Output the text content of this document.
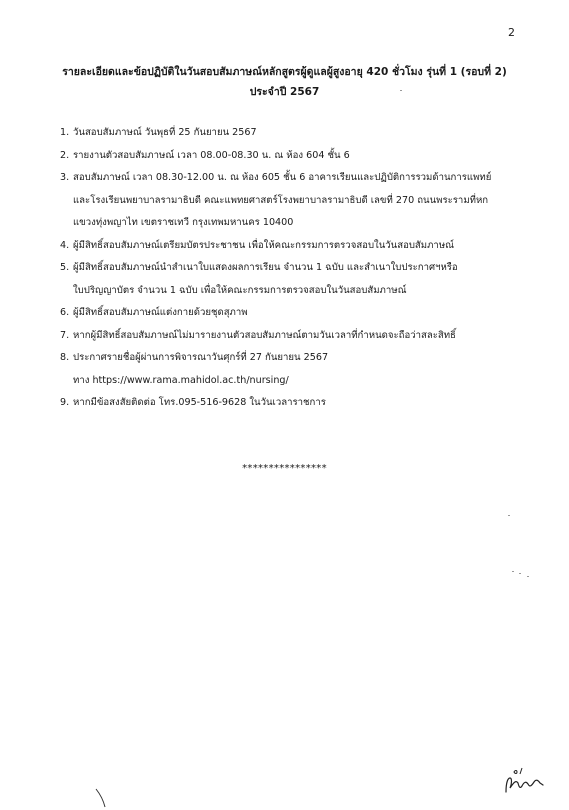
2
รายละเอียดและข้อปฏิบัติในวันสอบสัมภาษณ์หลักสูตรผู้ดูแลผู้สูงอายุ 420 ชั่วโมง รุ่นที่ 1 (รอบที่ 2)
ประจำปี 2567
1. วันสอบสัมภาษณ์ วันพุธที่ 25 กันยายน 2567
2. รายงานตัวสอบสัมภาษณ์ เวลา 08.00-08.30 น. ณ ห้อง 604 ชั้น 6
3. สอบสัมภาษณ์ เวลา 08.30-12.00 น. ณ ห้อง 605 ชั้น 6 อาคารเรียนและปฏิบัติการรวมด้านการแพทย์
และโรงเรียนพยาบาลรามาธิบดี คณะแพทยศาสตร์โรงพยาบาลรามาธิบดี เลขที่ 270 ถนนพระรามที่หก
แขวงทุ่งพญาไท เขตราชเทวี กรุงเทพมหานคร 10400
4. ผู้มีสิทธิ์สอบสัมภาษณ์เตรียมบัตรประชาชน เพื่อให้คณะกรรมการตรวจสอบในวันสอบสัมภาษณ์
5. ผู้มีสิทธิ์สอบสัมภาษณ์นำสำเนาใบแสดงผลการเรียน จำนวน 1 ฉบับ และสำเนาใบประกาศฯหรือ
ใบปริญญาบัตร จำนวน 1 ฉบับ เพื่อให้คณะกรรมการตรวจสอบในวันสอบสัมภาษณ์
6. ผู้มีสิทธิ์สอบสัมภาษณ์แต่งกายด้วยชุดสุภาพ
7. หากผู้มีสิทธิ์สอบสัมภาษณ์ไม่มารายงานตัวสอบสัมภาษณ์ตามวันเวลาที่กำหนดจะถือว่าสละสิทธิ์
8. ประกาศรายชื่อผู้ผ่านการพิจารณาวันศุกร์ที่ 27 กันยายน 2567
ทาง https://www.rama.mahidol.ac.th/nursing/
9. หากมีข้อสงสัยติดต่อ โทร.095-516-9628 ในวันเวลาราชการ
****************
